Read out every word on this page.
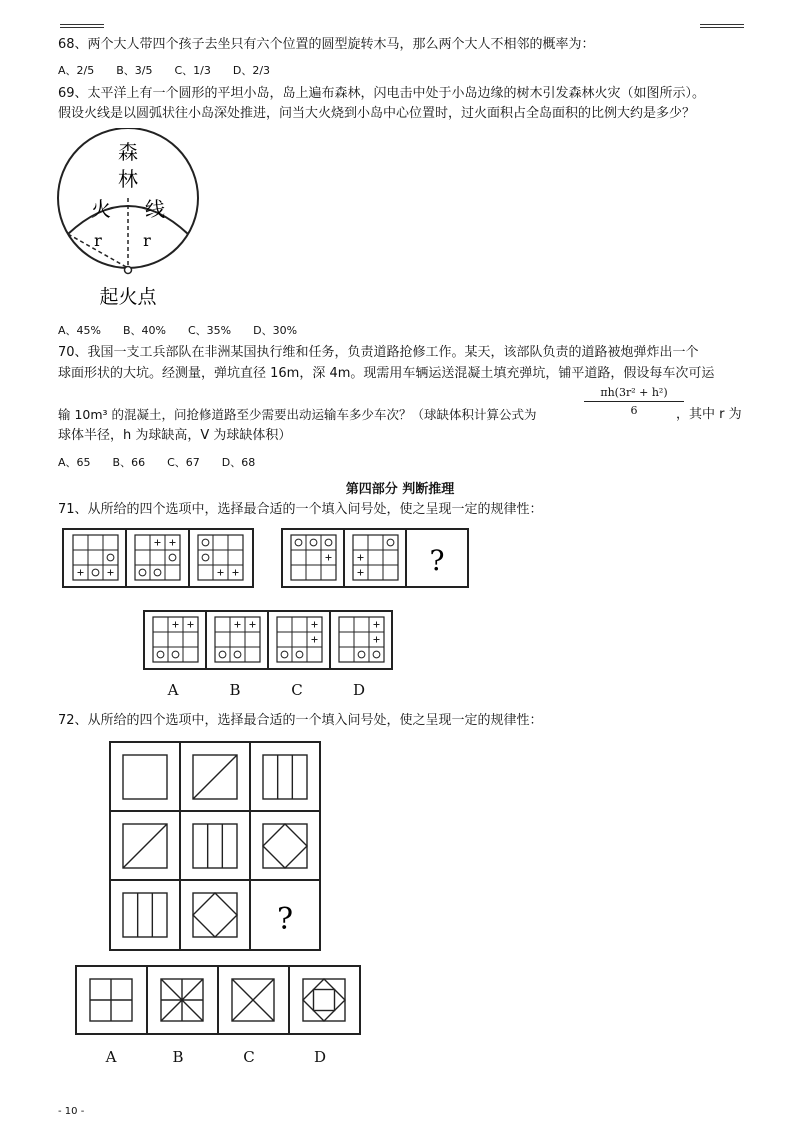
68、两个大人带四个孩子去坐只有六个位置的圆型旋转木马，那么两个大人不相邻的概率为：
A、2/5 B、3/5 C、1/3 D、2/3
69、太平洋上有一个圆形的平坦小岛，岛上遍布森林，闪电击中处于小岛边缘的树木引发森林火灾（如图所示）。
假设火线是以圆弧状往小岛深处推进，问当大火烧到小岛中心位置时，过火面积占全岛面积的比例大约是多少？
森
林
火 线
r	r
起火点
A、45% B、40% C、35% D、30%
70、我国一支工兵部队在非洲某国执行维和任务，负责道路抢修工作。某天，该部队负责的道路被炮弹炸出一个
球面形状的大坑。经测量，弹坑直径 16m，深 4m。现需用车辆运送混凝土填充弹坑，铺平道路，假设每车次可运
输 10m³ 的混凝土，问抢修道路至少需要出动运输车多少车次？（球缺体积计算公式为	$\frac{\text{πh(3r² + h²)}}{6}$
，其中 r 为
球体半径，h 为球缺高，V 为球缺体积）
A、65 B、66 C、67 D、68
第四部分 判断推理
71、从所给的四个选项中，选择最合适的一个填入问号处，使之呈现一定的规律性：
?
A	B	C	D
72、从所给的四个选项中，选择最合适的一个填入问号处，使之呈现一定的规律性：
?
A	B	C	D
- 10 -
